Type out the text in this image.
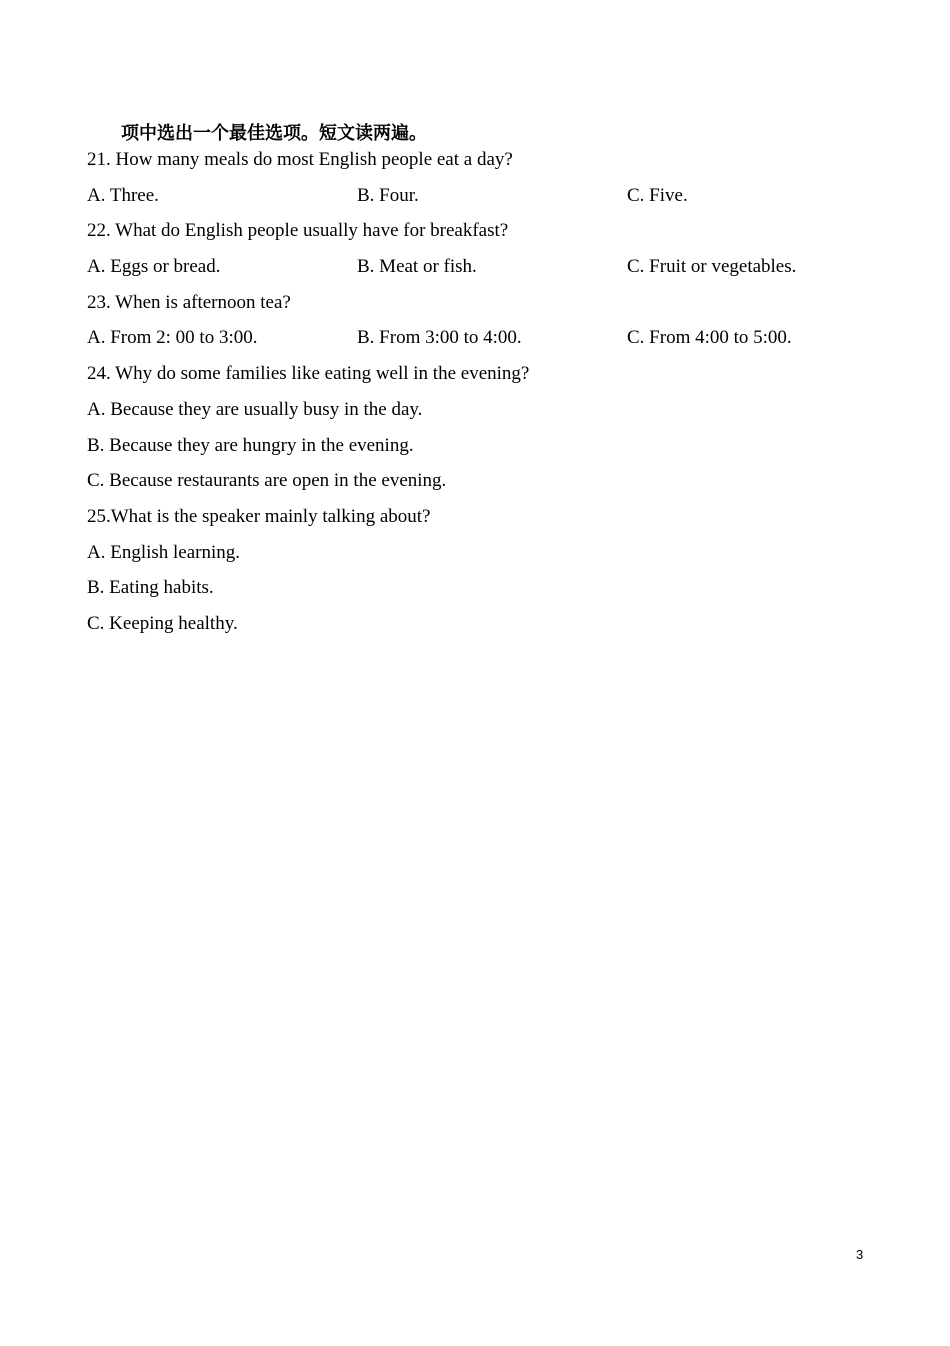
项中选出一个最佳选项。短文读两遍。
21. How many meals do most English people eat a day?
A. Three.	B. Four.	C. Five.
22. What do English people usually have for breakfast?
A. Eggs or bread.	B. Meat or fish.	C. Fruit or vegetables.
23. When is afternoon tea?
A. From 2: 00 to 3:00.	B. From 3:00 to 4:00.	C. From 4:00 to 5:00.
24. Why do some families like eating well in the evening?
A. Because they are usually busy in the day.
B. Because they are hungry in the evening.
C. Because restaurants are open in the evening.
25.What is the speaker mainly talking about?
A. English learning.
B. Eating habits.
C. Keeping healthy.
3
